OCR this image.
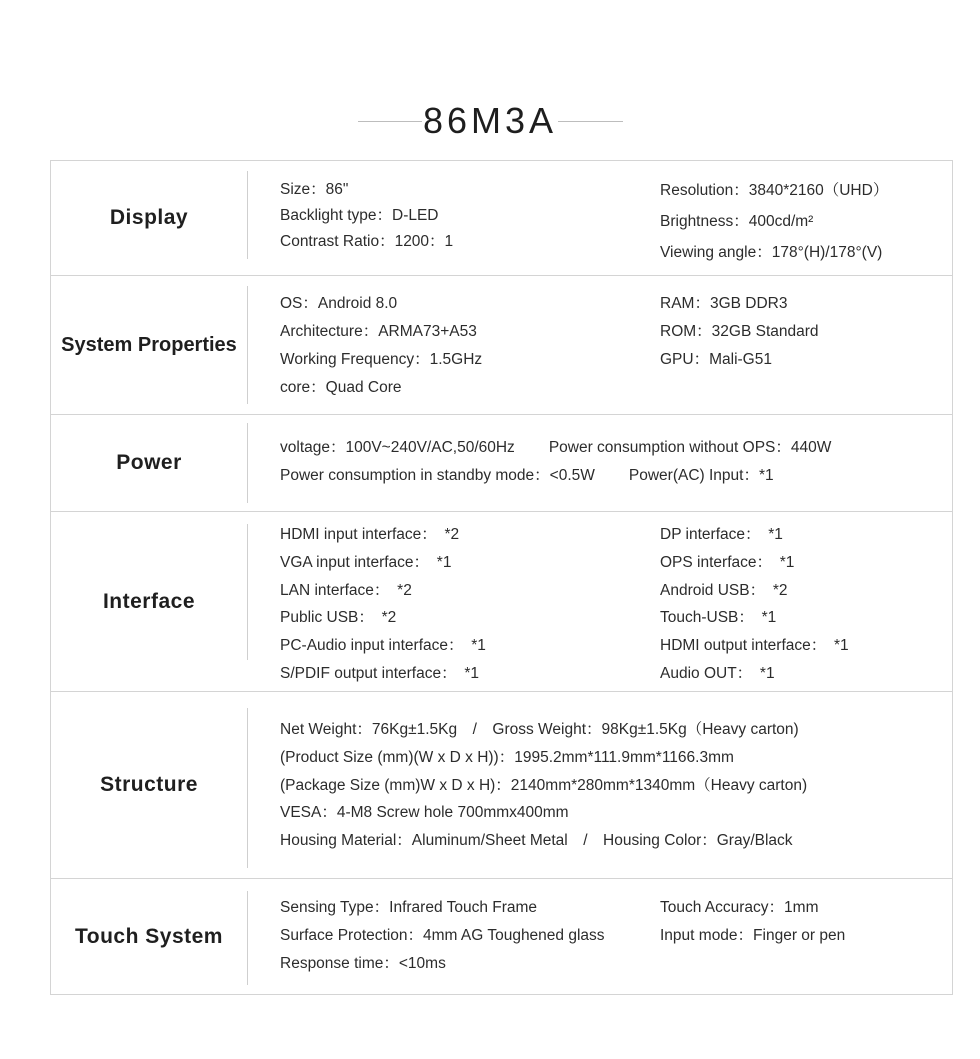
86M3A
Display
Size：86"
Backlight type：D-LED
Contrast Ratio：1200：1
Resolution：3840*2160（UHD）
Brightness：400cd/m²
Viewing angle：178°(H)/178°(V)
System Properties
OS：Android 8.0
Architecture：ARMA73+A53
Working Frequency：1.5GHz
core：Quad Core
RAM：3GB DDR3
ROM：32GB Standard
GPU：Mali-G51
Power
voltage：100V~240V/AC,50/60Hz Power consumption without OPS：440W
Power consumption in standby mode：<0.5W Power(AC) Input：*1
Interface
HDMI input interface：　*2
VGA input interface：　*1
LAN interface：　*2
Public USB：　*2
PC-Audio input interface：　*1
S/PDIF output interface：　*1
DP interface：　*1
OPS interface：　*1
Android USB：　*2
Touch-USB：　*1
HDMI output interface：　*1
Audio OUT：　*1
Structure
Net Weight：76Kg±1.5Kg　/　Gross Weight：98Kg±1.5Kg（Heavy carton)
(Product Size (mm)(W x D x H))：1995.2mm*111.9mm*1166.3mm
(Package Size (mm)W x D x H)：2140mm*280mm*1340mm（Heavy carton)
VESA：4-M8 Screw hole 700mmx400mm
Housing Material：Aluminum/Sheet Metal　/　Housing Color：Gray/Black
Touch System
Sensing Type：Infrared Touch Frame
Surface Protection：4mm AG Toughened glass
Response time：<10ms
Touch Accuracy：1mm
Input mode：Finger or pen
